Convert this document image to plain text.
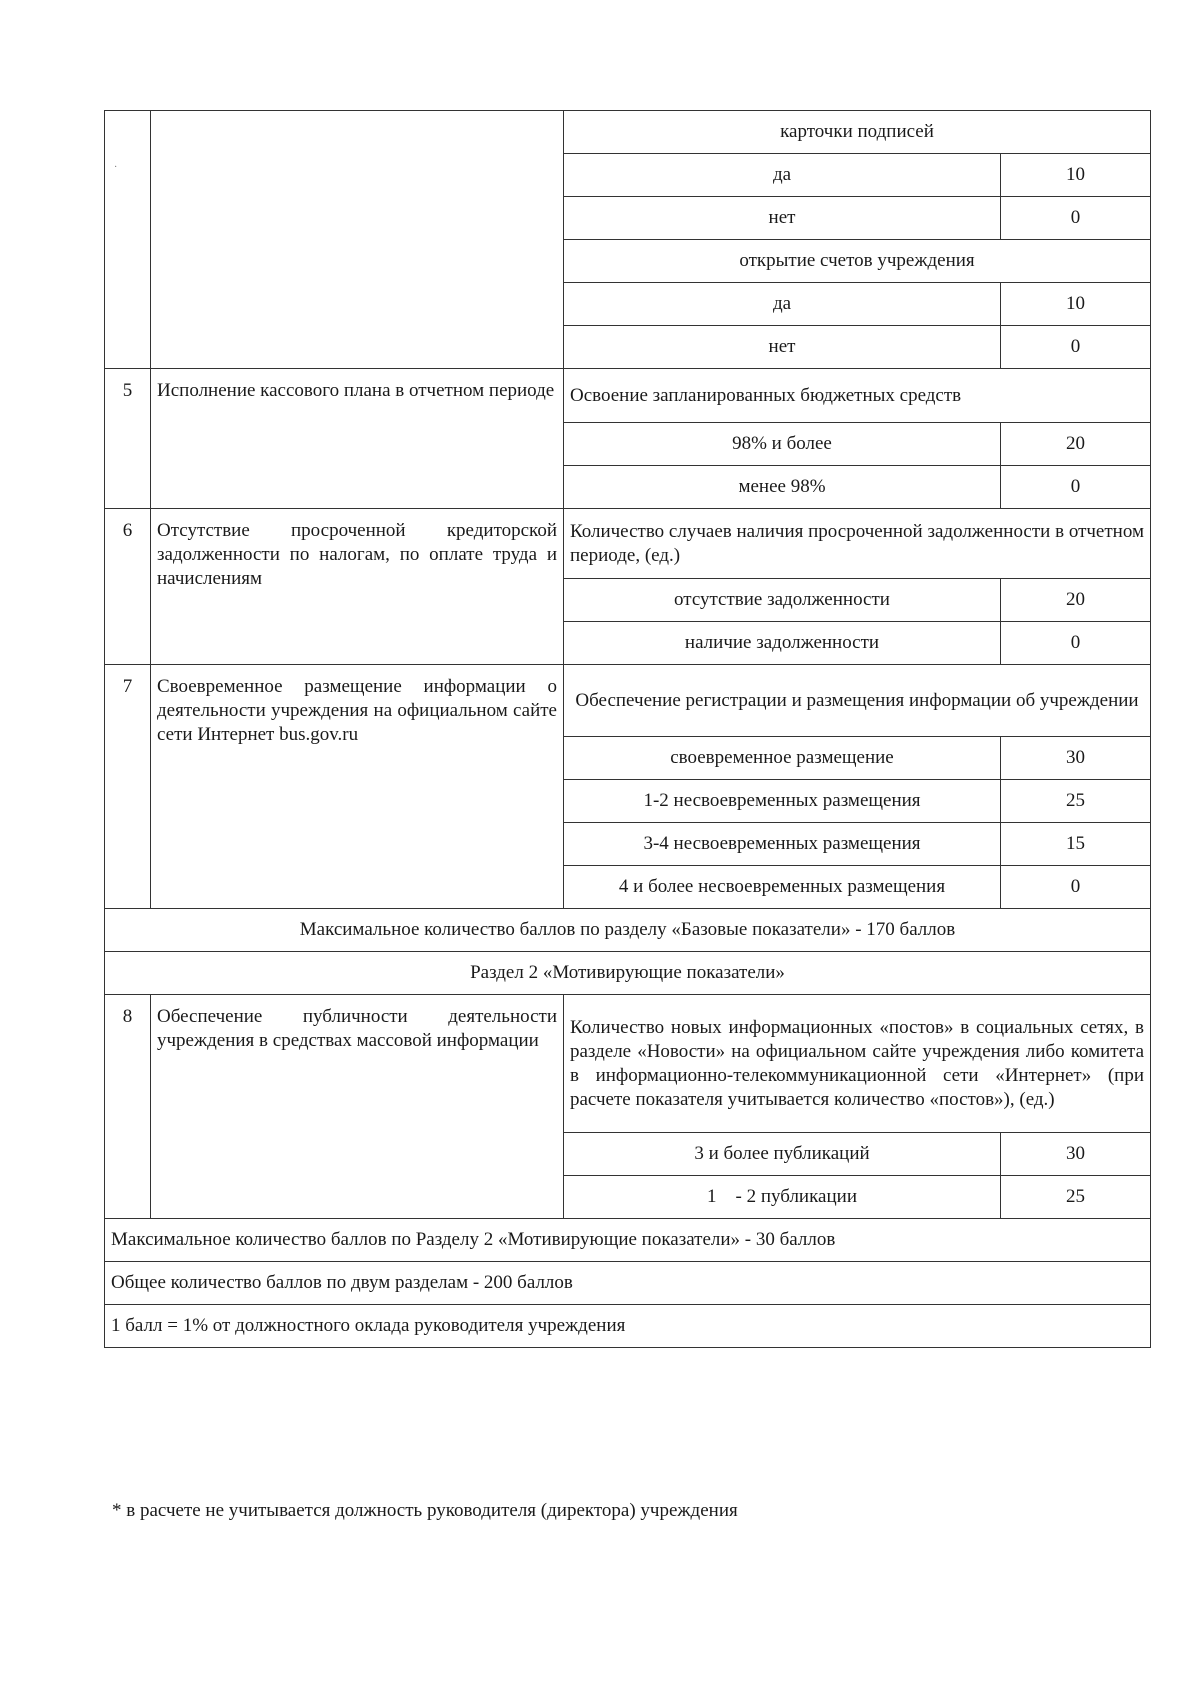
·
		карточки подписей	
		да	10
		нет	0
		открытие счетов учреждения	
		да	10
		нет	0
5	Исполнение кассового плана в отчетном периоде	Освоение запланированных бюджетных средств	
		98% и более	20
		менее 98%	0
6	Отсутствие просроченной кредиторской задолженности по налогам, по оплате труда и начислениям	Количество случаев наличия просроченной задолженности в отчетном периоде, (ед.)	
		отсутствие задолженности	20
		наличие задолженности	0
7	Своевременное размещение информации о деятельности учреждения на официальном сайте сети Интернет bus.gov.ru	Обеспечение регистрации и размещения информации об учреждении	
		своевременное размещение	30
		1-2 несвоевременных размещения	25
		3-4 несвоевременных размещения	15
		4 и более несвоевременных размещения	0
Максимальное количество баллов по разделу «Базовые показатели» - 170 баллов			
Раздел 2 «Мотивирующие показатели»			
8	Обеспечение публичности деятельности учреждения в средствах массовой информации	Количество новых информационных «постов» в социальных сетях, в разделе «Новости» на официальном сайте учреждения либо комитета в информационно-телекоммуникационной сети «Интернет» (при расчете показателя учитывается количество «постов»), (ед.)	
		3 и более публикаций	30
		1    - 2 публикации	25
Максимальное количество баллов по Разделу 2 «Мотивирующие показатели» - 30 баллов			
Общее количество баллов по двум разделам - 200 баллов			
1 балл = 1% от должностного оклада руководителя учреждения			
* в расчете не учитывается должность руководителя (директора) учреждения
